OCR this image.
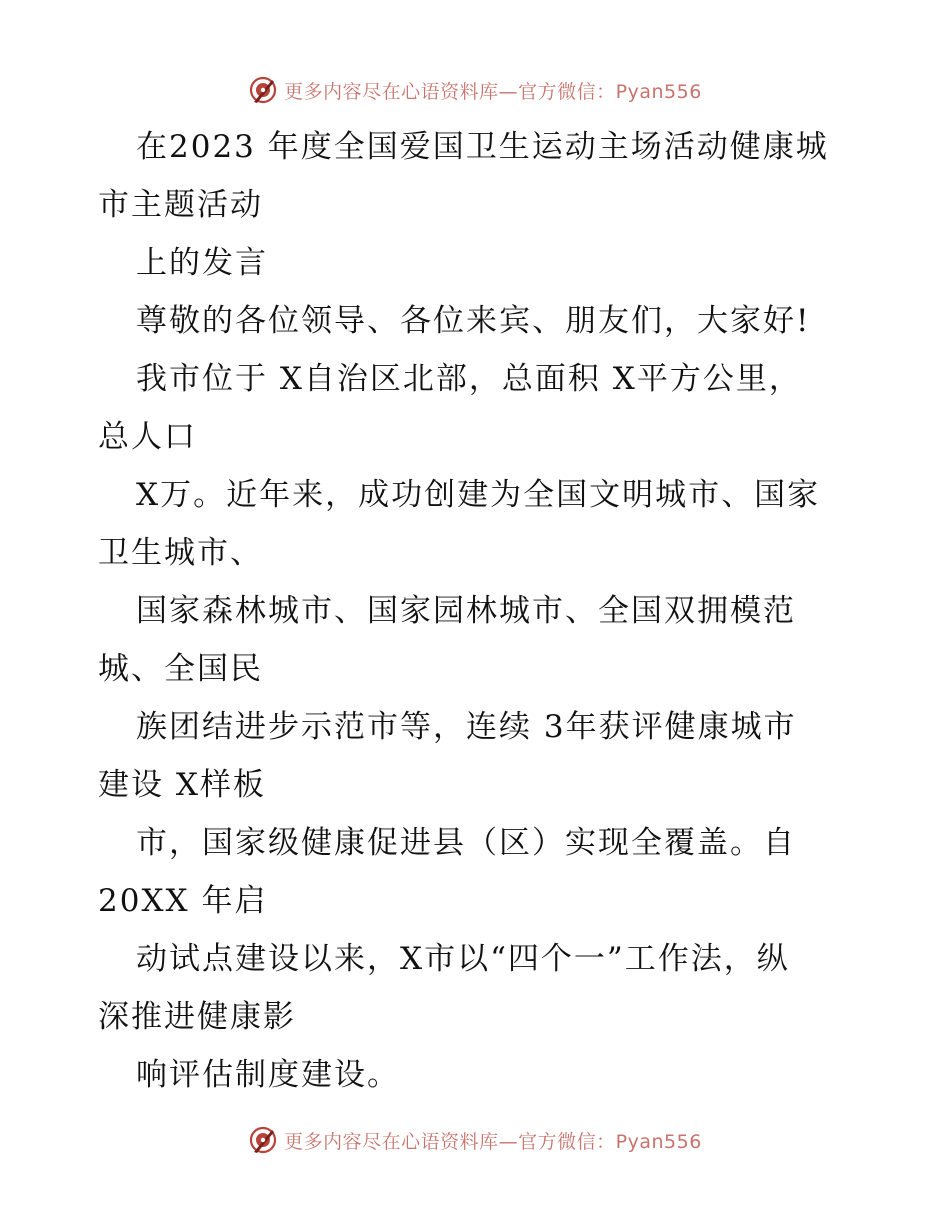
更多内容尽在心语资料库—官方微信：Pyan556
在2023 年度全国爱国卫生运动主场活动健康城
市主题活动
上的发言
尊敬的各位领导、各位来宾、朋友们，大家好!
我市位于 X自治区北部，总面积 X平方公里，
总人口
X万。近年来，成功创建为全国文明城市、国家
卫生城市、
国家森林城市、国家园林城市、全国双拥模范
城、全国民
族团结进步示范市等，连续 3年获评健康城市
建设 X样板
市，国家级健康促进县（区）实现全覆盖。自
20XX 年启
动试点建设以来，X市以“四个一”工作法，纵
深推进健康影
响评估制度建设。
更多内容尽在心语资料库—官方微信：Pyan556
